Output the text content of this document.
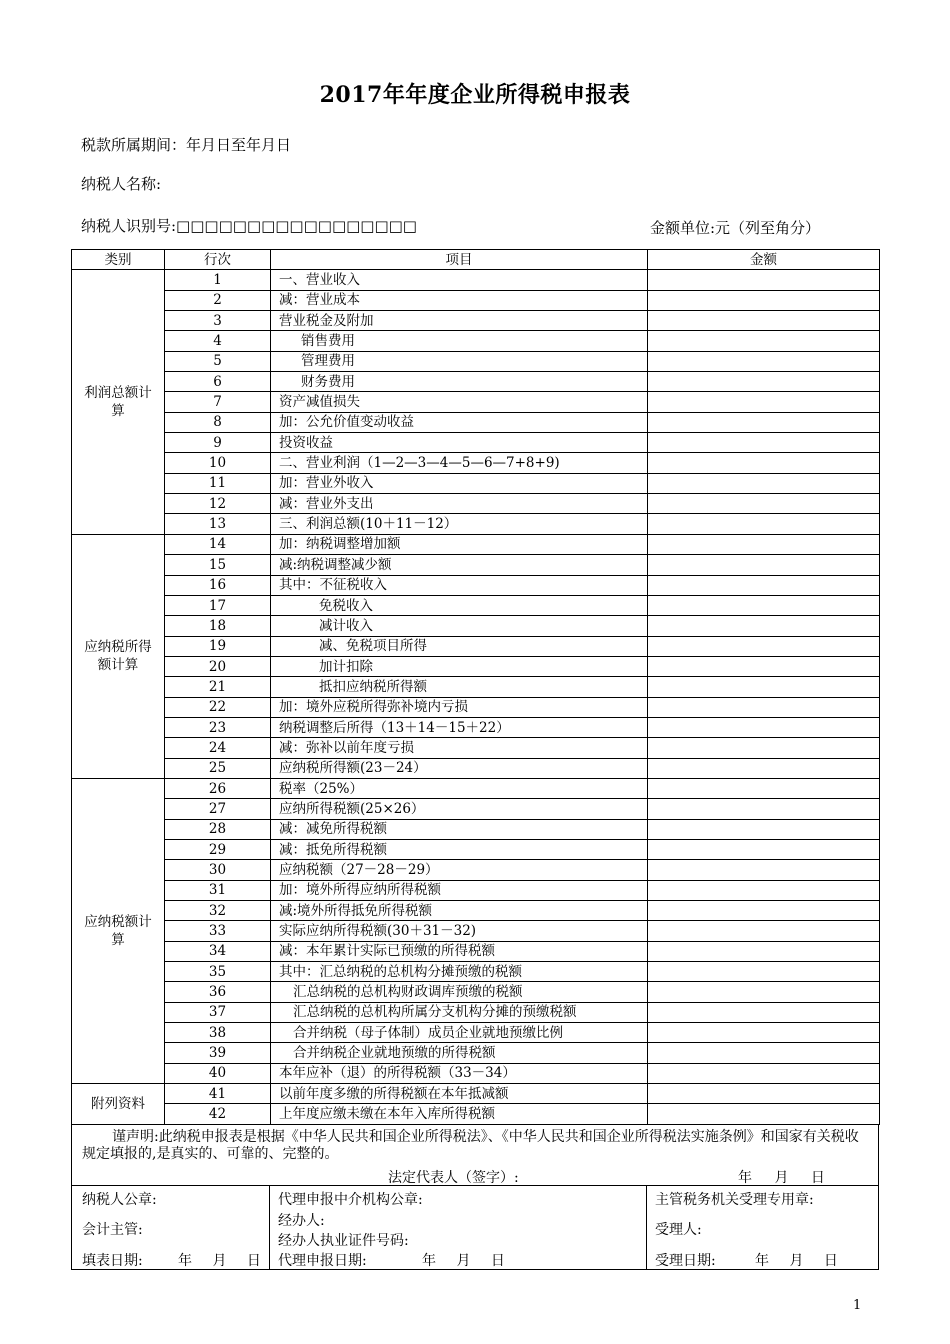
2017年年度企业所得税申报表
税款所属期间：年月日至年月日
纳税人名称:
纳税人识别号:□□□□□□□□□□□□□□□□□	金额单位:元（列至角分）
类别	行次	项目	金额
利润总额计算	1	一、营业收入	
	2	减：营业成本	
	3	营业税金及附加	
	4	销售费用	
	5	管理费用	
	6	财务费用	
	7	资产减值损失	
	8	加：公允价值变动收益	
	9	投资收益	
	10	二、营业利润（1—2—3—4—5—6—7+8+9)	
	11	加：营业外收入	
	12	减：营业外支出	
	13	三、利润总额(10＋11－12）	
应纳税所得额计算	14	加：纳税调整增加额	
	15	减:纳税调整减少额	
	16	其中：不征税收入	
	17	免税收入	
	18	减计收入	
	19	减、免税项目所得	
	20	加计扣除	
	21	抵扣应纳税所得额	
	22	加：境外应税所得弥补境内亏损	
	23	纳税调整后所得（13＋14－15＋22）	
	24	减：弥补以前年度亏损	
	25	应纳税所得额(23－24）	
应纳税额计算	26	税率（25%）	
	27	应纳所得税额(25×26）	
	28	减：减免所得税额	
	29	减：抵免所得税额	
	30	应纳税额（27－28－29）	
	31	加：境外所得应纳所得税额	
	32	减:境外所得抵免所得税额	
	33	实际应纳所得税额(30＋31－32)	
	34	减：本年累计实际已预缴的所得税额	
	35	其中：汇总纳税的总机构分摊预缴的税额	
	36	汇总纳税的总机构财政调库预缴的税额	
	37	汇总纳税的总机构所属分支机构分摊的预缴税额	
	38	合并纳税（母子体制）成员企业就地预缴比例	
	39	合并纳税企业就地预缴的所得税额	
	40	本年应补（退）的所得税额（33－34）	
附列资料	41	以前年度多缴的所得税额在本年抵减额	
	42	上年度应缴未缴在本年入库所得税额	
谨声明:此纳税申报表是根据《中华人民共和国企业所得税法》、《中华人民共和国企业所得税法实施条例》和国家有关税收规定填报的,是真实的、可靠的、完整的。
法定代表人（签字）:	年 月 日
纳税人公章:
会计主管:
填表日期:	年 月 日
代理申报中介机构公章:
经办人:
经办人执业证件号码:
代理申报日期:	年 月 日
主管税务机关受理专用章:
受理人:
受理日期:	年 月 日
1
